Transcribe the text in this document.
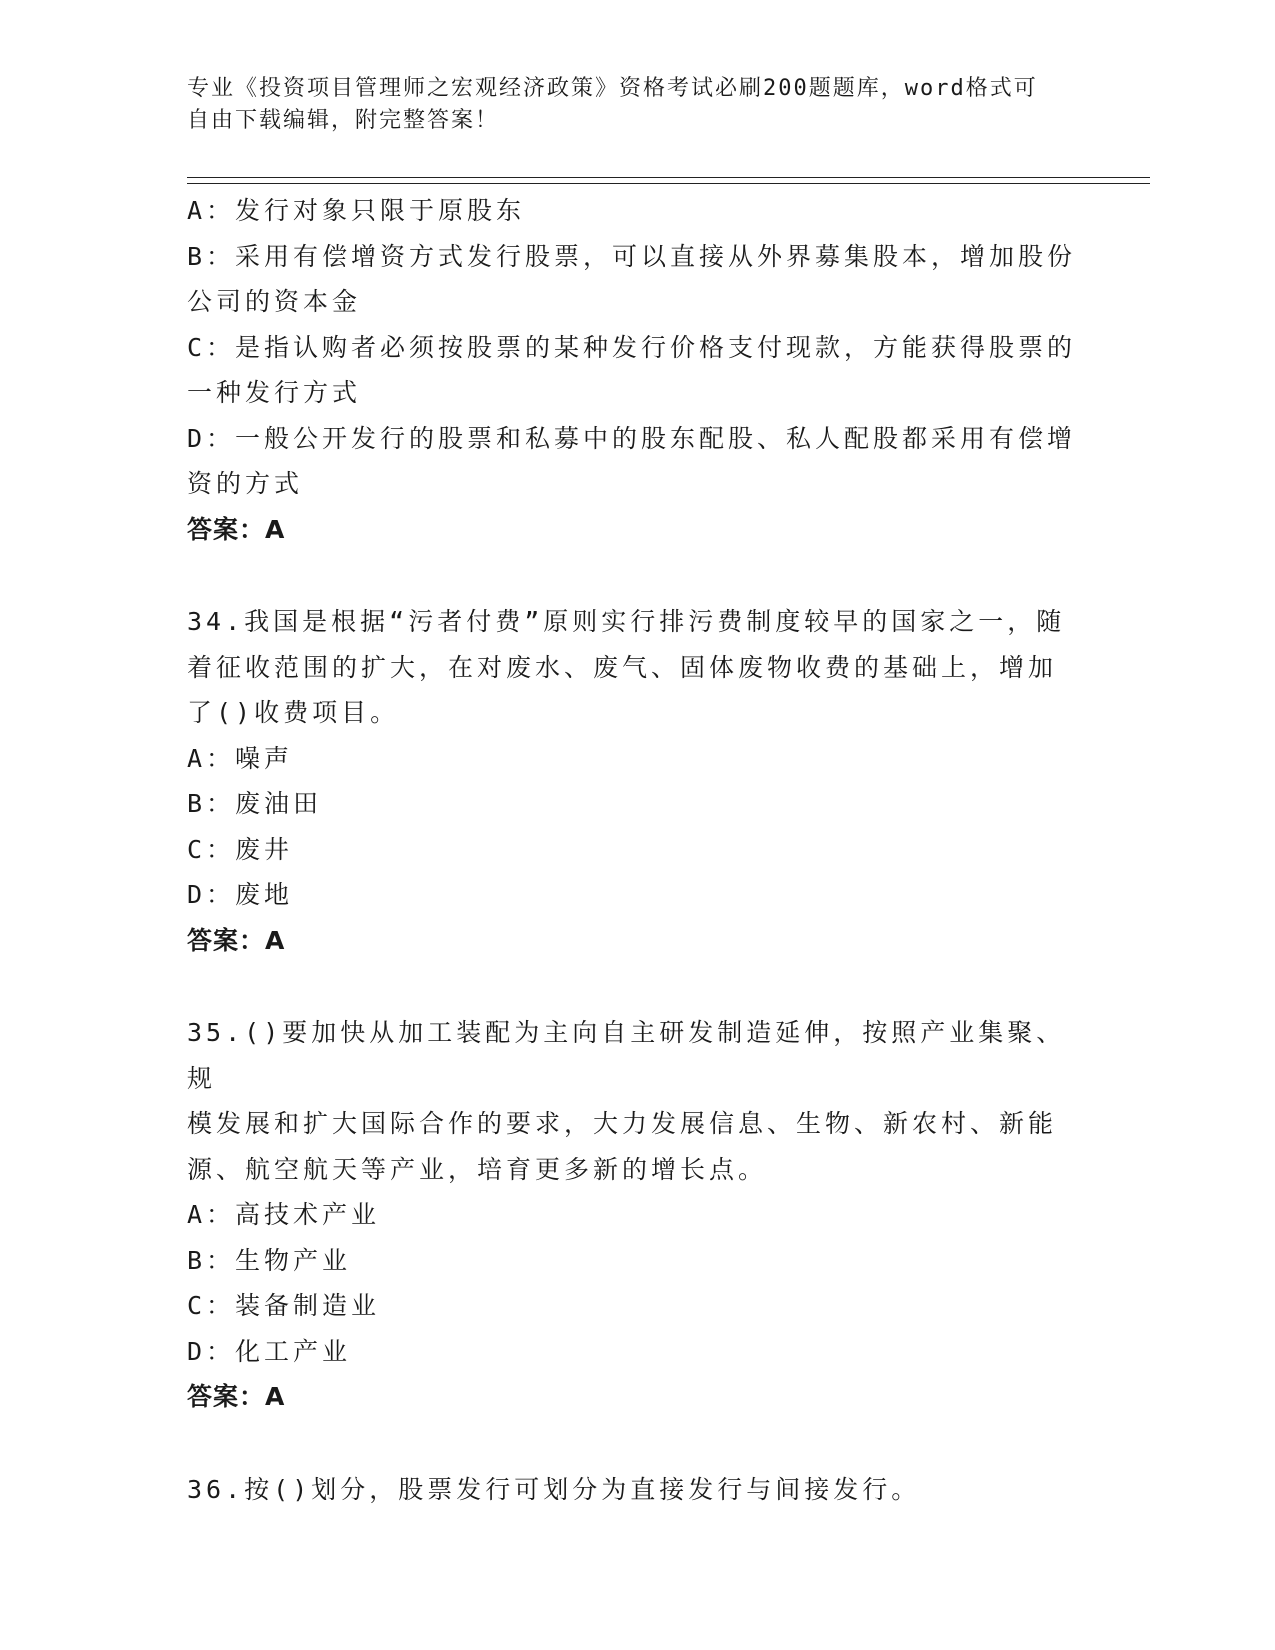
专业《投资项目管理师之宏观经济政策》资格考试必刷200题题库，word格式可
自由下载编辑，附完整答案！
A：发行对象只限于原股东
B：采用有偿增资方式发行股票，可以直接从外界募集股本，增加股份
公司的资本金
C：是指认购者必须按股票的某种发行价格支付现款，方能获得股票的
一种发行方式
D：一般公开发行的股票和私募中的股东配股、私人配股都采用有偿增
资的方式
答案：A
34.我国是根据“污者付费”原则实行排污费制度较早的国家之一，随
着征收范围的扩大，在对废水、废气、固体废物收费的基础上，增加
了()收费项目。
A：噪声
B：废油田
C：废井
D：废地
答案：A
35.()要加快从加工装配为主向自主研发制造延伸，按照产业集聚、规
模发展和扩大国际合作的要求，大力发展信息、生物、新农村、新能
源、航空航天等产业，培育更多新的增长点。
A：高技术产业
B：生物产业
C：装备制造业
D：化工产业
答案：A
36.按()划分，股票发行可划分为直接发行与间接发行。
